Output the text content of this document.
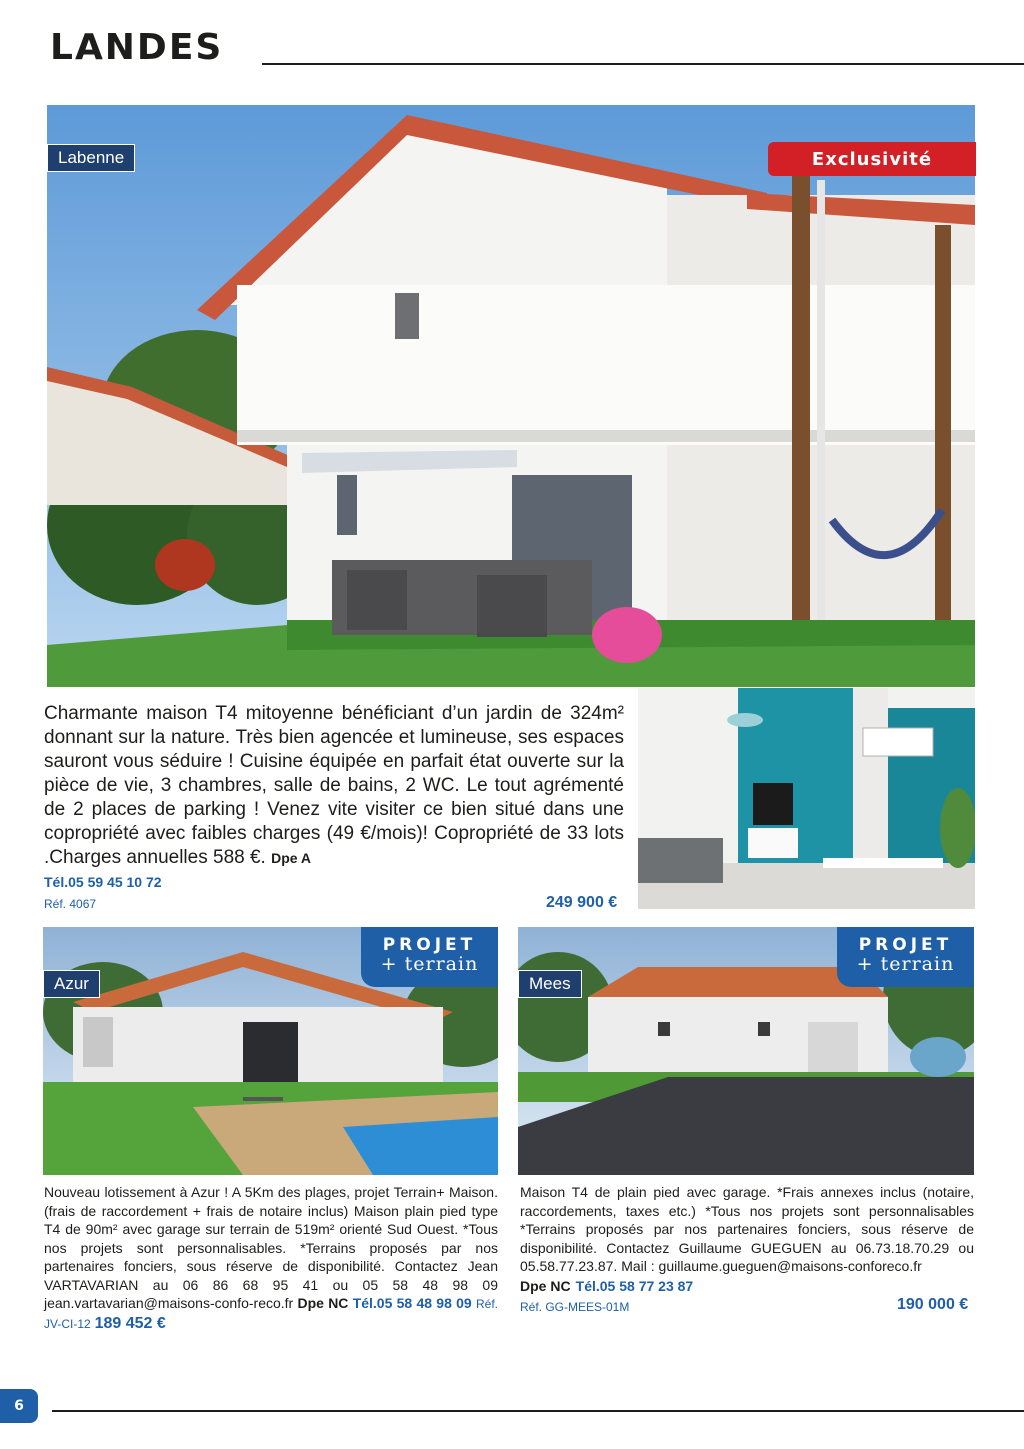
LANDES
Labenne	Exclusivité
Charmante maison T4 mitoyenne bénéficiant d’un jardin de 324m² donnant sur la nature. Très bien agencée et lumineuse, ses espaces sauront vous séduire ! Cuisine équipée en parfait état ouverte sur la pièce de vie, 3 chambres, salle de bains, 2 WC. Le tout agrémenté de 2 places de parking ! Venez vite visiter ce bien situé dans une copropriété avec faibles charges (49 €/mois)! Copropriété de 33 lots .Charges annuelles 588 €. Dpe A
Tél.05 59 45 10 72
Réf. 4067	249 900 €
Azur
PROJET
+ terrain
Mees
PROJET
+ terrain
Nouveau lotissement à Azur ! A 5Km des plages, projet Terrain+ Maison. (frais de raccordement + frais de notaire inclus) Maison plain pied type T4 de 90m² avec garage sur terrain de 519m² orienté Sud Ouest. *Tous nos projets sont personnalisables. *Terrains proposés par nos partenaires fonciers, sous réserve de disponibilité. Contactez Jean VARTAVARIAN au 06 86 68 95 41 ou 05 58 48 98 09 jean.vartavarian@maisons-confo-reco.fr Dpe NC Tél.05 58 48 98 09 Réf. JV-CI-12 189 452 €
Maison T4 de plain pied avec garage. *Frais annexes inclus (notaire, raccordements, taxes etc.) *Tous nos projets sont personnalisables *Terrains proposés par nos partenaires fonciers, sous réserve de disponibilité. Contactez Guillaume GUEGUEN au 06.73.18.70.29 ou 05.58.77.23.87. Mail : guillaume.gueguen@maisons-conforeco.fr
Dpe NC Tél.05 58 77 23 87
Réf. GG-MEES-01M	190 000 €
6
